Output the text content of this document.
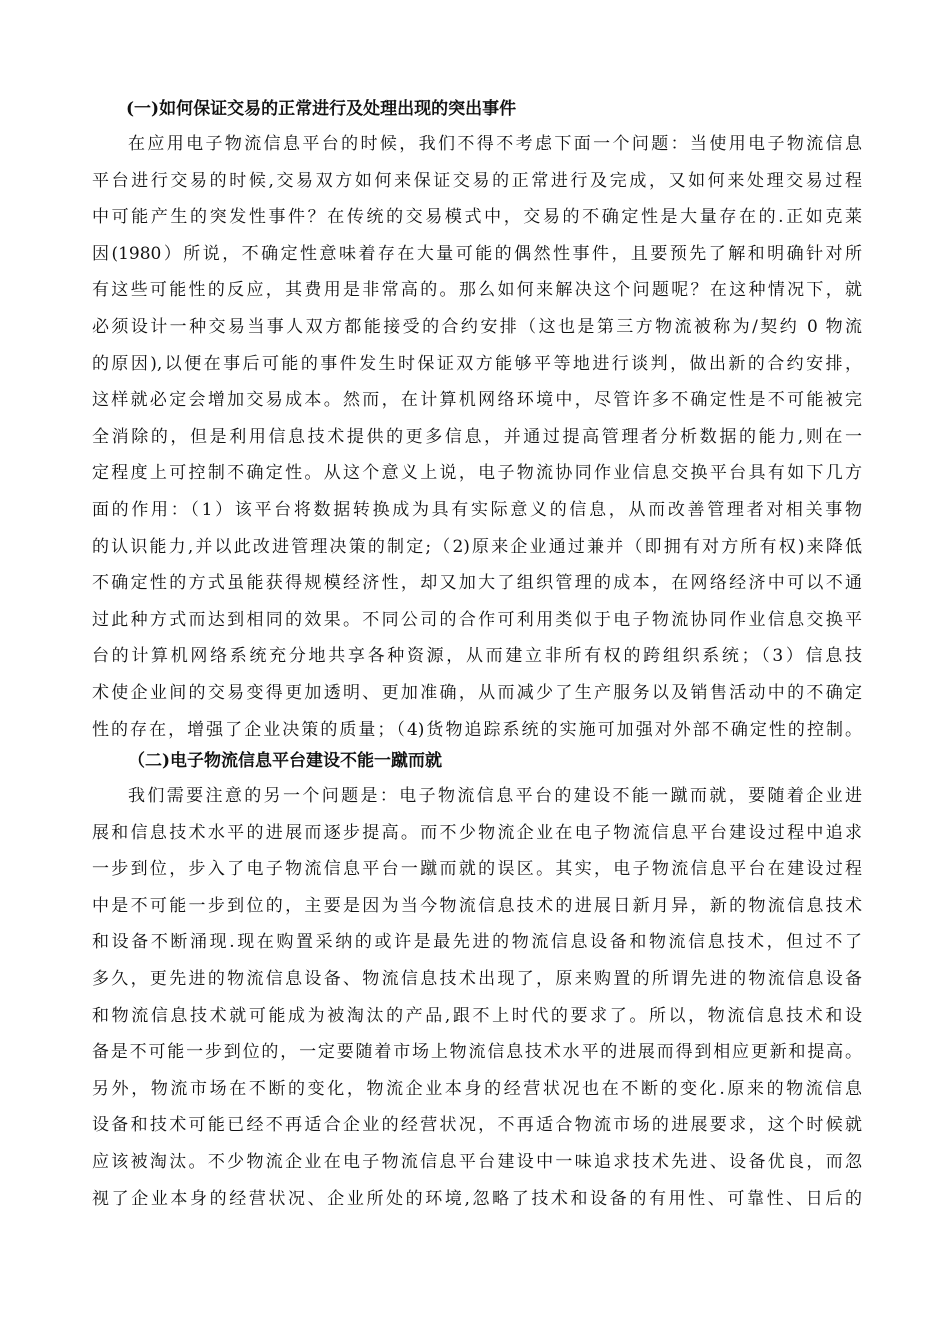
(一)如何保证交易的正常进行及处理出现的突出事件
在应用电子物流信息平台的时候，我们不得不考虑下面一个问题：当使用电子物流信息
平台进行交易的时候,交易双方如何来保证交易的正常进行及完成，又如何来处理交易过程
中可能产生的突发性事件？在传统的交易模式中，交易的不确定性是大量存在的.正如克莱
因(1980）所说，不确定性意味着存在大量可能的偶然性事件，且要预先了解和明确针对所
有这些可能性的反应，其费用是非常高的。那么如何来解决这个问题呢？在这种情况下，就
必须设计一种交易当事人双方都能接受的合约安排（这也是第三方物流被称为/契约 0 物流
的原因),以便在事后可能的事件发生时保证双方能够平等地进行谈判，做出新的合约安排，
这样就必定会增加交易成本。然而，在计算机网络环境中，尽管许多不确定性是不可能被完
全消除的，但是利用信息技术提供的更多信息，并通过提高管理者分析数据的能力,则在一
定程度上可控制不确定性。从这个意义上说，电子物流协同作业信息交换平台具有如下几方
面的作用：（1）该平台将数据转换成为具有实际意义的信息，从而改善管理者对相关事物
的认识能力,并以此改进管理决策的制定;（2)原来企业通过兼并（即拥有对方所有权)来降低
不确定性的方式虽能获得规模经济性，却又加大了组织管理的成本，在网络经济中可以不通
过此种方式而达到相同的效果。不同公司的合作可利用类似于电子物流协同作业信息交换平
台的计算机网络系统充分地共享各种资源，从而建立非所有权的跨组织系统；（3）信息技
术使企业间的交易变得更加透明、更加准确，从而减少了生产服务以及销售活动中的不确定
性的存在，增强了企业决策的质量；（4)货物追踪系统的实施可加强对外部不确定性的控制。
（二)电子物流信息平台建设不能一蹴而就
我们需要注意的另一个问题是：电子物流信息平台的建设不能一蹴而就，要随着企业进
展和信息技术水平的进展而逐步提高。而不少物流企业在电子物流信息平台建设过程中追求
一步到位，步入了电子物流信息平台一蹴而就的误区。其实，电子物流信息平台在建设过程
中是不可能一步到位的，主要是因为当今物流信息技术的进展日新月异，新的物流信息技术
和设备不断涌现.现在购置采纳的或许是最先进的物流信息设备和物流信息技术，但过不了
多久，更先进的物流信息设备、物流信息技术出现了，原来购置的所谓先进的物流信息设备
和物流信息技术就可能成为被淘汰的产品,跟不上时代的要求了。所以，物流信息技术和设
备是不可能一步到位的，一定要随着市场上物流信息技术水平的进展而得到相应更新和提高。
另外，物流市场在不断的变化，物流企业本身的经营状况也在不断的变化.原来的物流信息
设备和技术可能已经不再适合企业的经营状况，不再适合物流市场的进展要求，这个时候就
应该被淘汰。不少物流企业在电子物流信息平台建设中一味追求技术先进、设备优良，而忽
视了企业本身的经营状况、企业所处的环境,忽略了技术和设备的有用性、可靠性、日后的
